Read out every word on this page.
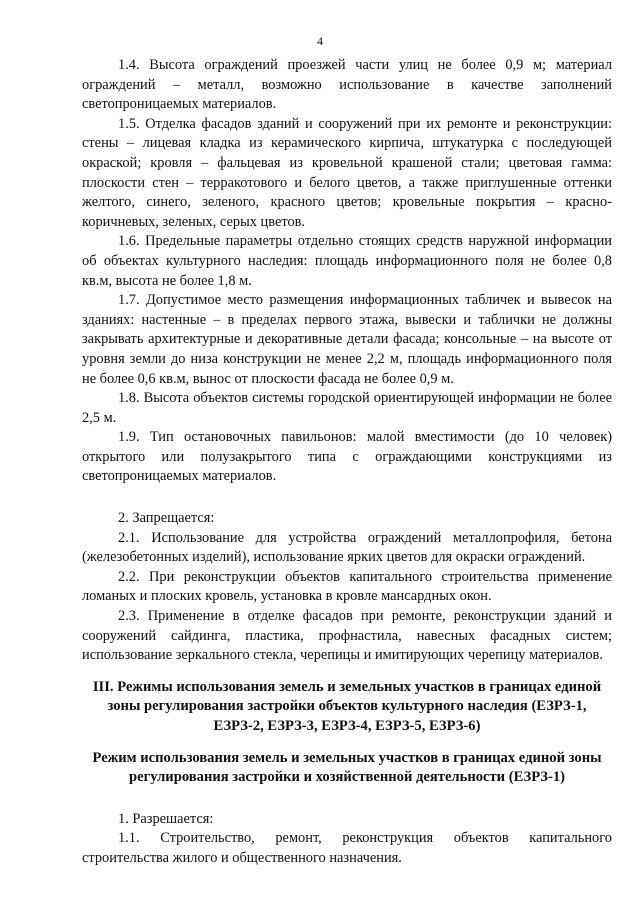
4

1.4. Высота ограждений проезжей части улиц не более 0,9 м; материал ограждений – металл, возможно использование в качестве заполнений светопроницаемых материалов.

1.5. Отделка фасадов зданий и сооружений при их ремонте и реконструкции: стены – лицевая кладка из керамического кирпича, штукатурка с последующей окраской; кровля – фальцевая из кровельной крашеной стали; цветовая гамма: плоскости стен – терракотового и белого цветов, а также приглушенные оттенки желтого, синего, зеленого, красного цветов; кровельные покрытия – красно-коричневых, зеленых, серых цветов.

1.6. Предельные параметры отдельно стоящих средств наружной информации об объектах культурного наследия: площадь информационного поля не более 0,8 кв.м, высота не более 1,8 м.

1.7. Допустимое место размещения информационных табличек и вывесок на зданиях: настенные – в пределах первого этажа, вывески и таблички не должны закрывать архитектурные и декоративные детали фасада; консольные – на высоте от уровня земли до низа конструкции не менее 2,2 м, площадь информационного поля не более 0,6 кв.м, вынос от плоскости фасада не более 0,9 м.

1.8. Высота объектов системы городской ориентирующей информации не более 2,5 м.

1.9. Тип остановочных павильонов: малой вместимости (до 10 человек) открытого или полузакрытого типа с ограждающими конструкциями из светопроницаемых материалов.

2. Запрещается:

2.1. Использование для устройства ограждений металлопрофиля, бетона (железобетонных изделий), использование ярких цветов для окраски ограждений.

2.2. При реконструкции объектов капитального строительства применение ломаных и плоских кровель, установка в кровле мансардных окон.

2.3. Применение в отделке фасадов при ремонте, реконструкции зданий и сооружений сайдинга, пластика, профнастила, навесных фасадных систем; использование зеркального стекла, черепицы и имитирующих черепицу материалов.

III. Режимы использования земель и земельных участков в границах единой зоны регулирования застройки объектов культурного наследия (ЕЗРЗ-1, ЕЗРЗ-2, ЕЗРЗ-3, ЕЗРЗ-4, ЕЗРЗ-5, ЕЗРЗ-6)
Режим использования земель и земельных участков в границах единой зоны регулирования застройки и хозяйственной деятельности (ЕЗРЗ-1)

1. Разрешается:

1.1. Строительство, ремонт, реконструкция объектов капитального строительства жилого и общественного назначения.
